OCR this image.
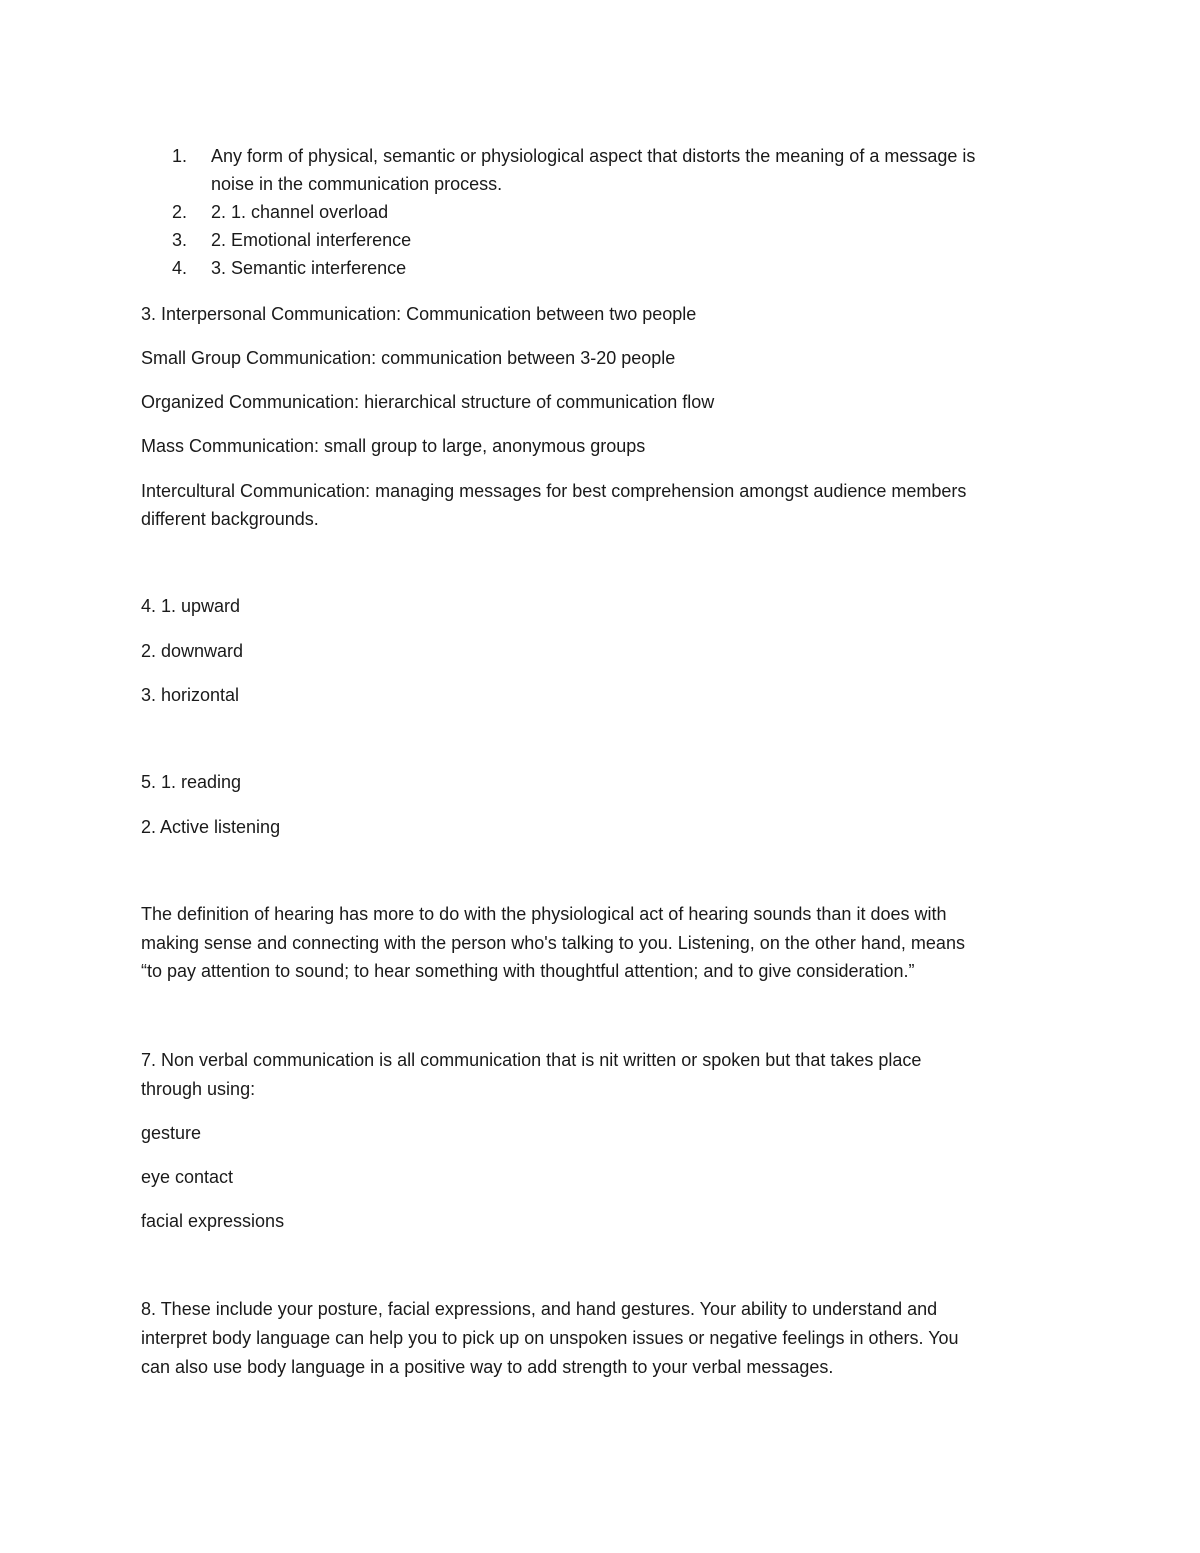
1. Any form of physical, semantic or physiological aspect that distorts the meaning of a message is
noise in the communication process.
2. 2. 1. channel overload
3. 2. Emotional interference
4. 3. Semantic interference
3. Interpersonal Communication: Communication between two people
Small Group Communication: communication between 3-20 people
Organized Communication: hierarchical structure of communication flow
Mass Communication: small group to large, anonymous groups
Intercultural Communication: managing messages for best comprehension amongst audience members
different backgrounds.
4. 1. upward
2. downward
3. horizontal
5. 1. reading
2. Active listening
The definition of hearing has more to do with the physiological act of hearing sounds than it does with
making sense and connecting with the person who's talking to you. Listening, on the other hand, means
“to pay attention to sound; to hear something with thoughtful attention; and to give consideration.”
7. Non verbal communication is all communication that is nit written or spoken but that takes place
through using:
gesture
eye contact
facial expressions
8. These include your posture, facial expressions, and hand gestures. Your ability to understand and
interpret body language can help you to pick up on unspoken issues or negative feelings in others. You
can also use body language in a positive way to add strength to your verbal messages.
